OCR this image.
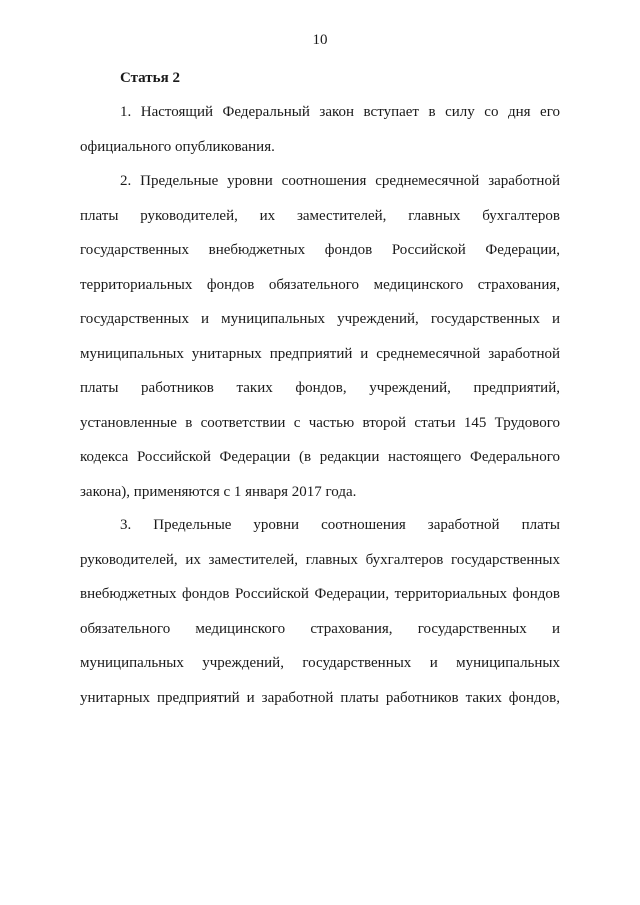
10
Статья 2
1. Настоящий Федеральный закон вступает в силу со дня его
официального опубликования.
2. Предельные уровни соотношения среднемесячной заработной
платы руководителей, их заместителей, главных бухгалтеров
государственных внебюджетных фондов Российской Федерации,
территориальных фондов обязательного медицинского страхования,
государственных и муниципальных учреждений, государственных и
муниципальных унитарных предприятий и среднемесячной заработной
платы работников таких фондов, учреждений, предприятий,
установленные в соответствии с частью второй статьи 145 Трудового
кодекса Российской Федерации (в редакции настоящего Федерального
закона), применяются с 1 января 2017 года.
3. Предельные уровни соотношения заработной платы
руководителей, их заместителей, главных бухгалтеров государственных
внебюджетных фондов Российской Федерации, территориальных фондов
обязательного медицинского страхования, государственных и
муниципальных учреждений, государственных и муниципальных
унитарных предприятий и заработной платы работников таких фондов,
